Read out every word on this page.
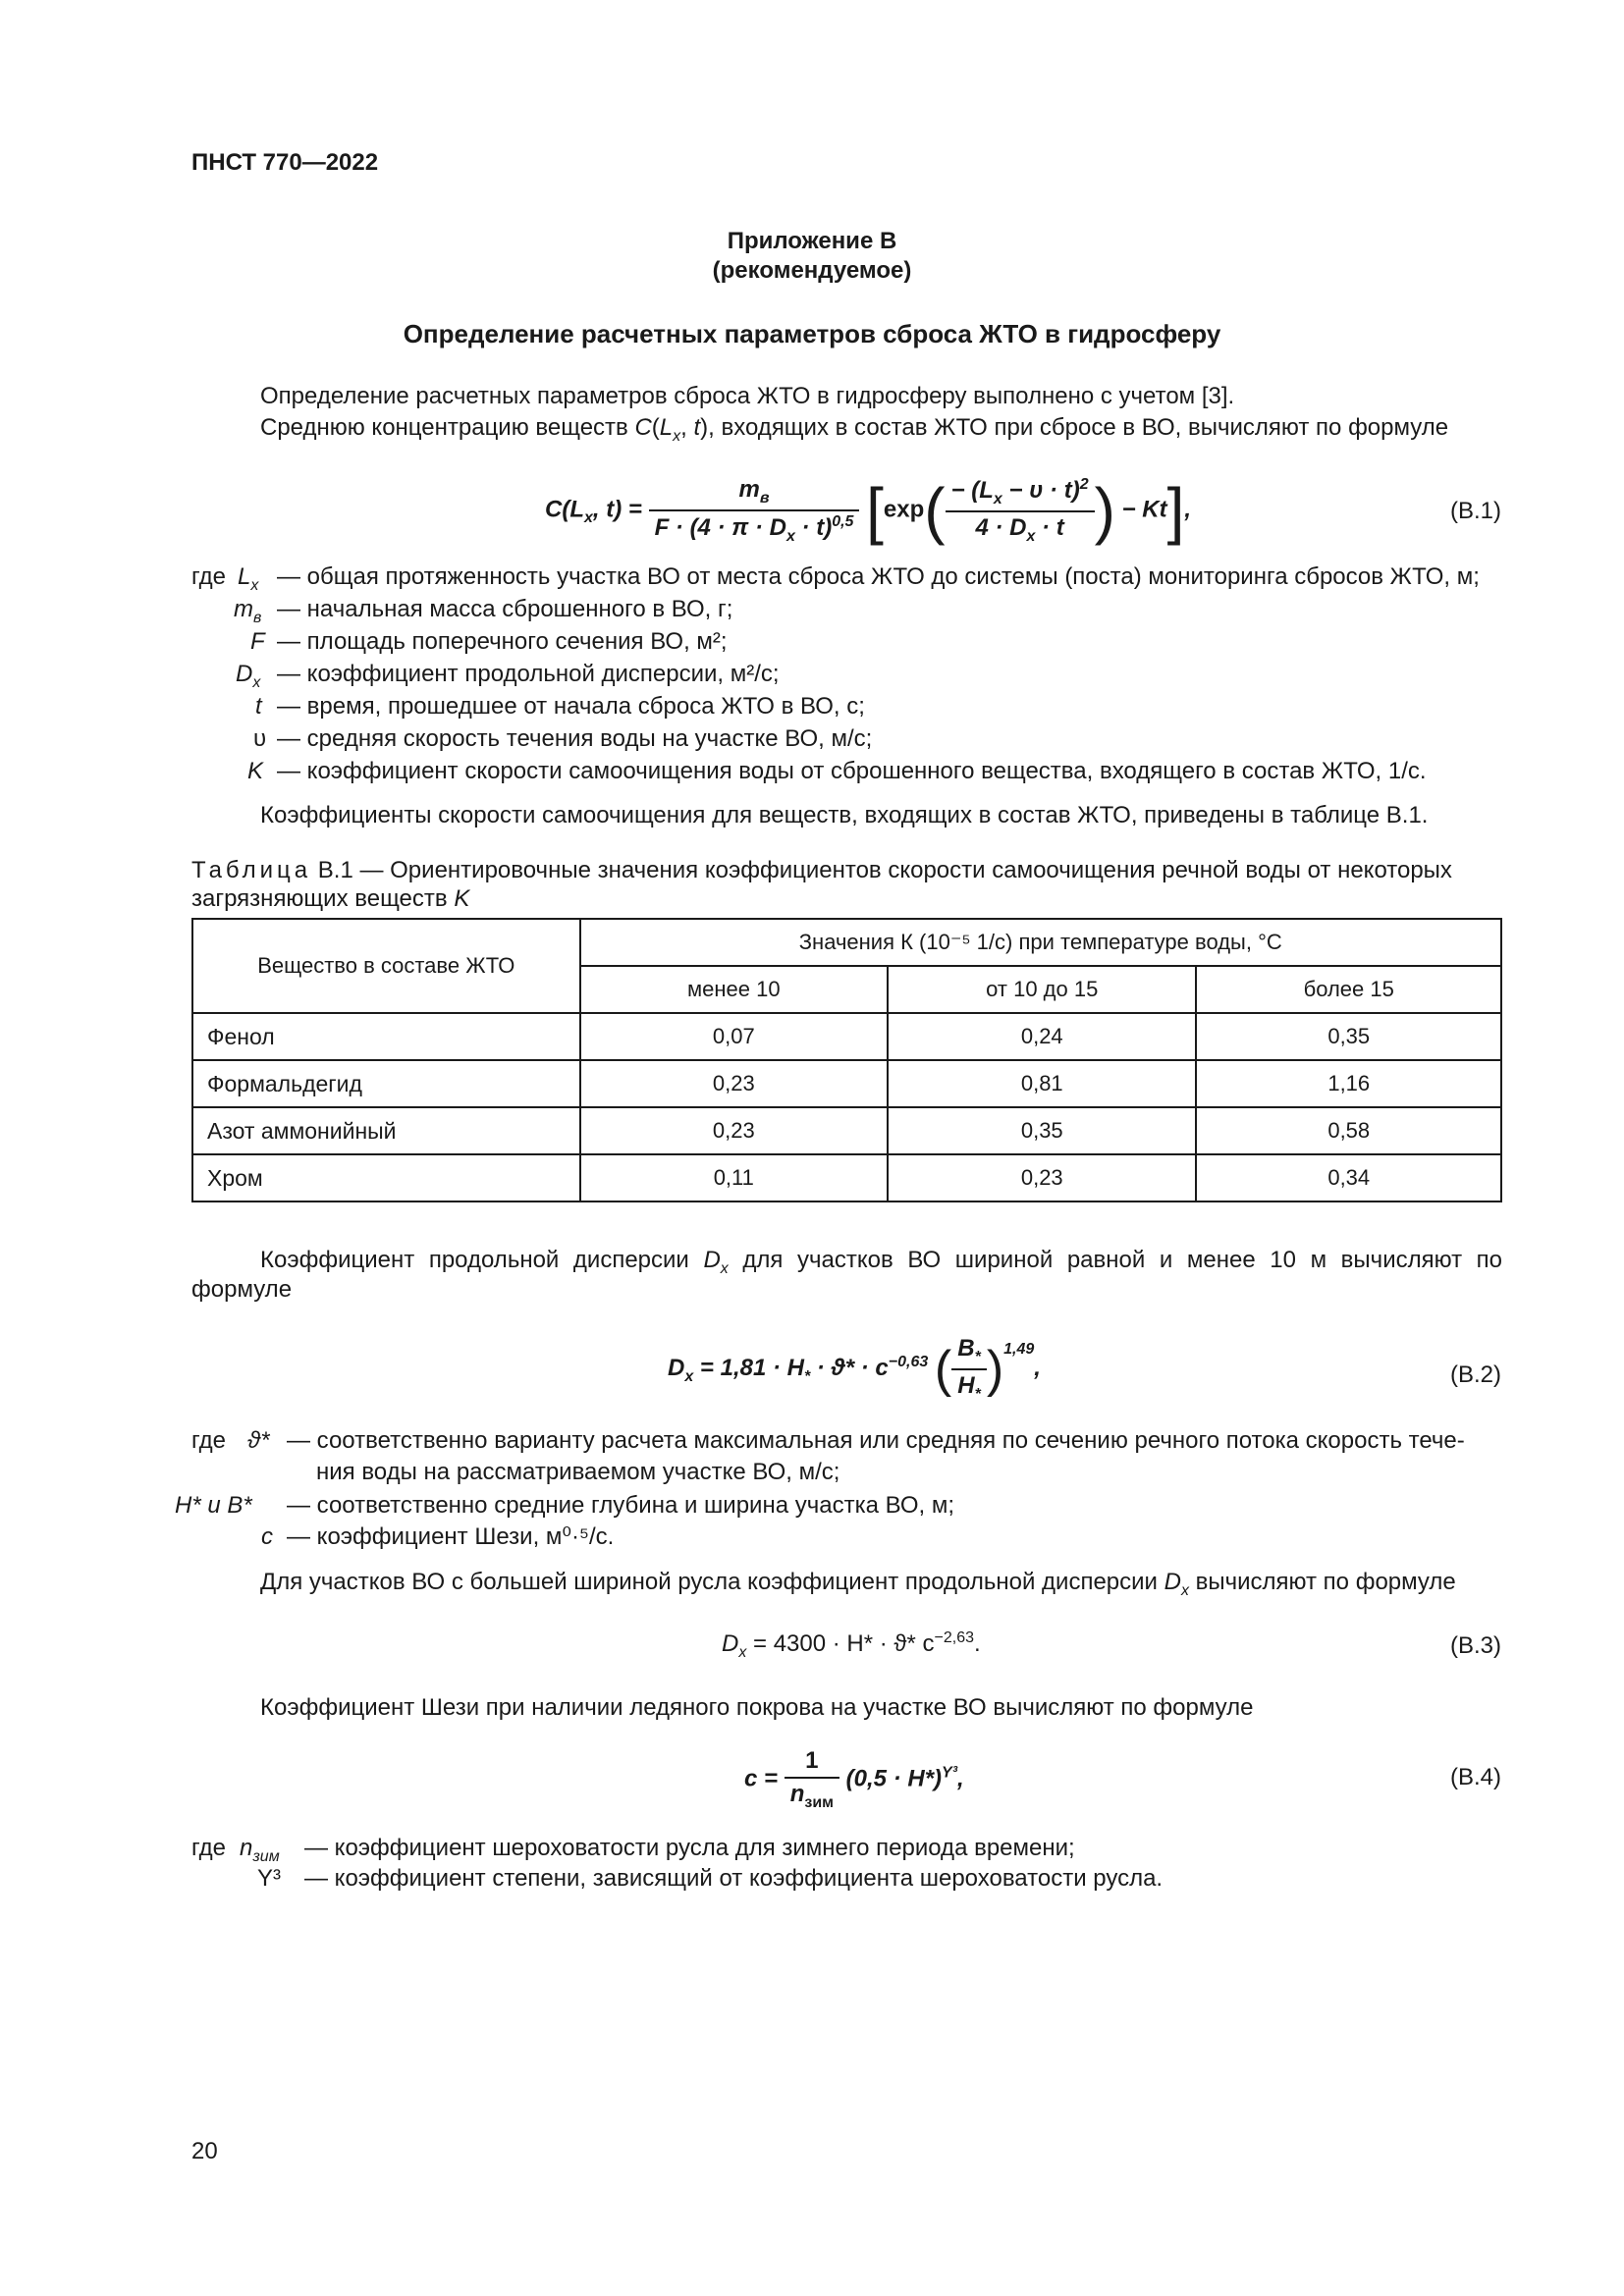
ПНСТ 770—2022
Приложение В
(рекомендуемое)
Определение расчетных параметров сброса ЖТО в гидросферу
Определение расчетных параметров сброса ЖТО в гидросферу выполнено с учетом [3].
Среднюю концентрацию веществ $C(L_x$, t), входящих в состав ЖТО при сбросе в ВО, вычисляют по формуле
$C(L_x$, $t) = \frac{m_в}{F \cdot (4 \cdot \pi \cdot D_x \cdot t)^{0,5}} [\exp( \frac{- (L_x - \upsilon \cdot t)^2}{4 \cdot D_x \cdot t}$ ) − Kt],	(В.1)
где $L_x$ — общая протяженность участка ВО от места сброса ЖТО до системы (поста) мониторинга сбросов ЖТО, м;
$m_в$ — начальная масса сброшенного в ВО, г;
F — площадь поперечного сечения ВО, м²;
$D_x$ — коэффициент продольной дисперсии, м²/с;
t — время, прошедшее от начала сброса ЖТО в ВО, с;
υ — средняя скорость течения воды на участке ВО, м/с;
K — коэффициент скорости самоочищения воды от сброшенного вещества, входящего в состав ЖТО, 1/с.
Коэффициенты скорости самоочищения для веществ, входящих в состав ЖТО, приведены в таблице В.1.
Таблица В.1 — Ориентировочные значения коэффициентов скорости самоочищения речной воды от некоторых
загрязняющих веществ K
Вещество в составе ЖТО	Значения К (10⁻⁵ 1/с) при температуре воды, °С		
	менее 10	от 10 до 15	более 15
Фенол	0,07	0,24	0,35
Формальдегид	0,23	0,81	1,16
Азот аммонийный	0,23	0,35	0,58
Хром	0,11	0,23	0,34
Коэффициент продольной дисперсии $D_x$ для участков ВО шириной равной и менее 10 м вычисляют по
формуле
$D_x = 1,81 \cdot H_* \cdot ϑ* \cdot c^{-0,63}$ ( $\frac{B_*}{H_*} )^{1,49}$,	(В.2)
где ϑ* — соответственно варианту расчета максимальная или средняя по сечению речного потока скорость тече-
ния воды на рассматриваемом участке ВО, м/с;
H* и B* — соответственно средние глубина и ширина участка ВО, м;
c — коэффициент Шези, м⁰·⁵/с.
Для участков ВО с большей шириной русла коэффициент продольной дисперсии $D_x$ вычисляют по формуле
$D_x = 4300 \cdot H* \cdot ϑ*$ $c^{-2,63}$.	(В.3)
Коэффициент Шези при наличии ледяного покрова на участке ВО вычисляют по формуле
$c = \frac{1}{n_{зим}} (0,5 \cdot H*)^{Y^3}$,	(В.4)
где $n_{зим}$ — коэффициент шероховатости русла для зимнего периода времени;
Y³ — коэффициент степени, зависящий от коэффициента шероховатости русла.
20
